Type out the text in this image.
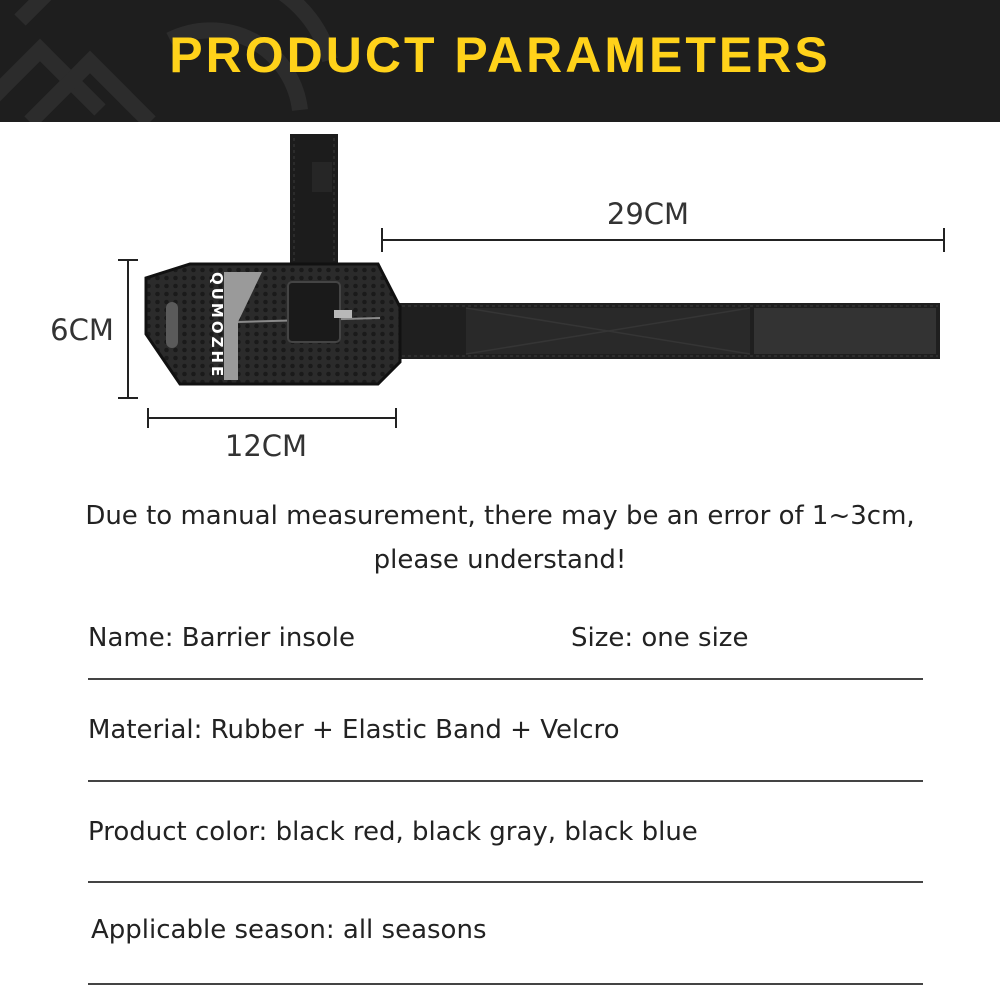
PRODUCT PARAMETERS
QUMOZHE
29CM
6CM
12CM
Due to manual measurement, there may be an error of 1~3cm,
please understand!
Name: Barrier insole	Size: one size
Material: Rubber + Elastic Band + Velcro
Product color: black red, black gray, black blue
Applicable season: all seasons
